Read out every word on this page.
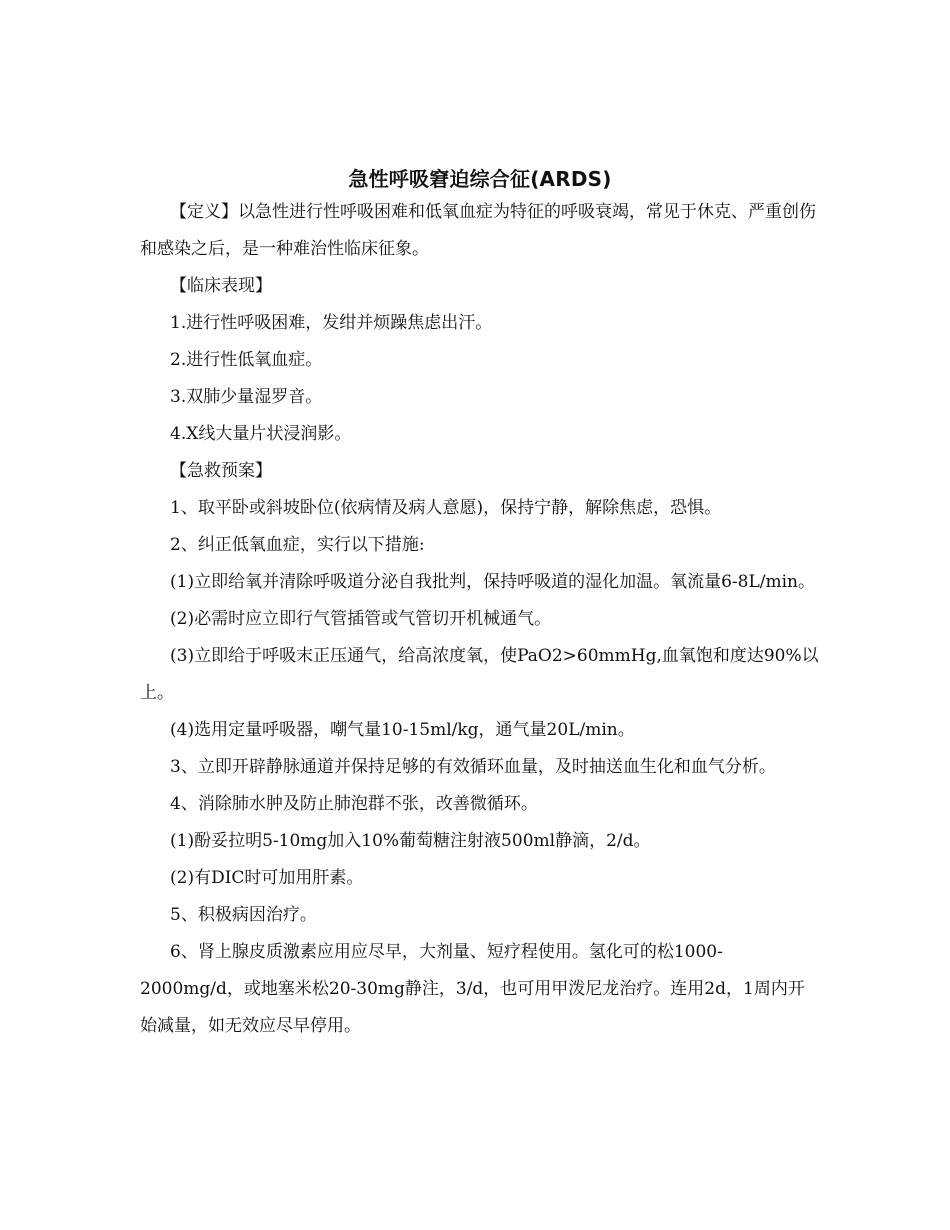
急性呼吸窘迫综合征(ARDS)

【定义】以急性进行性呼吸困难和低氧血症为特征的呼吸衰竭，常见于休克、严重创伤和感染之后，是一种难治性临床征象。

【临床表现】

1.进行性呼吸困难，发绀并烦躁焦虑出汗。

2.进行性低氧血症。

3.双肺少量湿罗音。

4.X线大量片状浸润影。

【急救预案】

1、取平卧或斜坡卧位(依病情及病人意愿)，保持宁静，解除焦虑，恐惧。

2、纠正低氧血症，实行以下措施:

(1)立即给氧并清除呼吸道分泌自我批判，保持呼吸道的湿化加温。氧流量6-8L/min。

(2)必需时应立即行气管插管或气管切开机械通气。

(3)立即给于呼吸末正压通气，给高浓度氧，使PaO2>60mmHg,血氧饱和度达90%以上。

(4)选用定量呼吸器，嘲气量10-15ml/kg，通气量20L/min。

3、立即开辟静脉通道并保持足够的有效循环血量，及时抽送血生化和血气分析。

4、消除肺水肿及防止肺泡群不张，改善微循环。

(1)酚妥拉明5-10mg加入10%葡萄糖注射液500ml静滴，2/d。

(2)有DIC时可加用肝素。

5、积极病因治疗。

6、肾上腺皮质激素应用应尽早，大剂量、短疗程使用。氢化可的松1000-2000mg/d，或地塞米松20-30mg静注，3/d，也可用甲泼尼龙治疗。连用2d，1周内开始减量，如无效应尽早停用。
